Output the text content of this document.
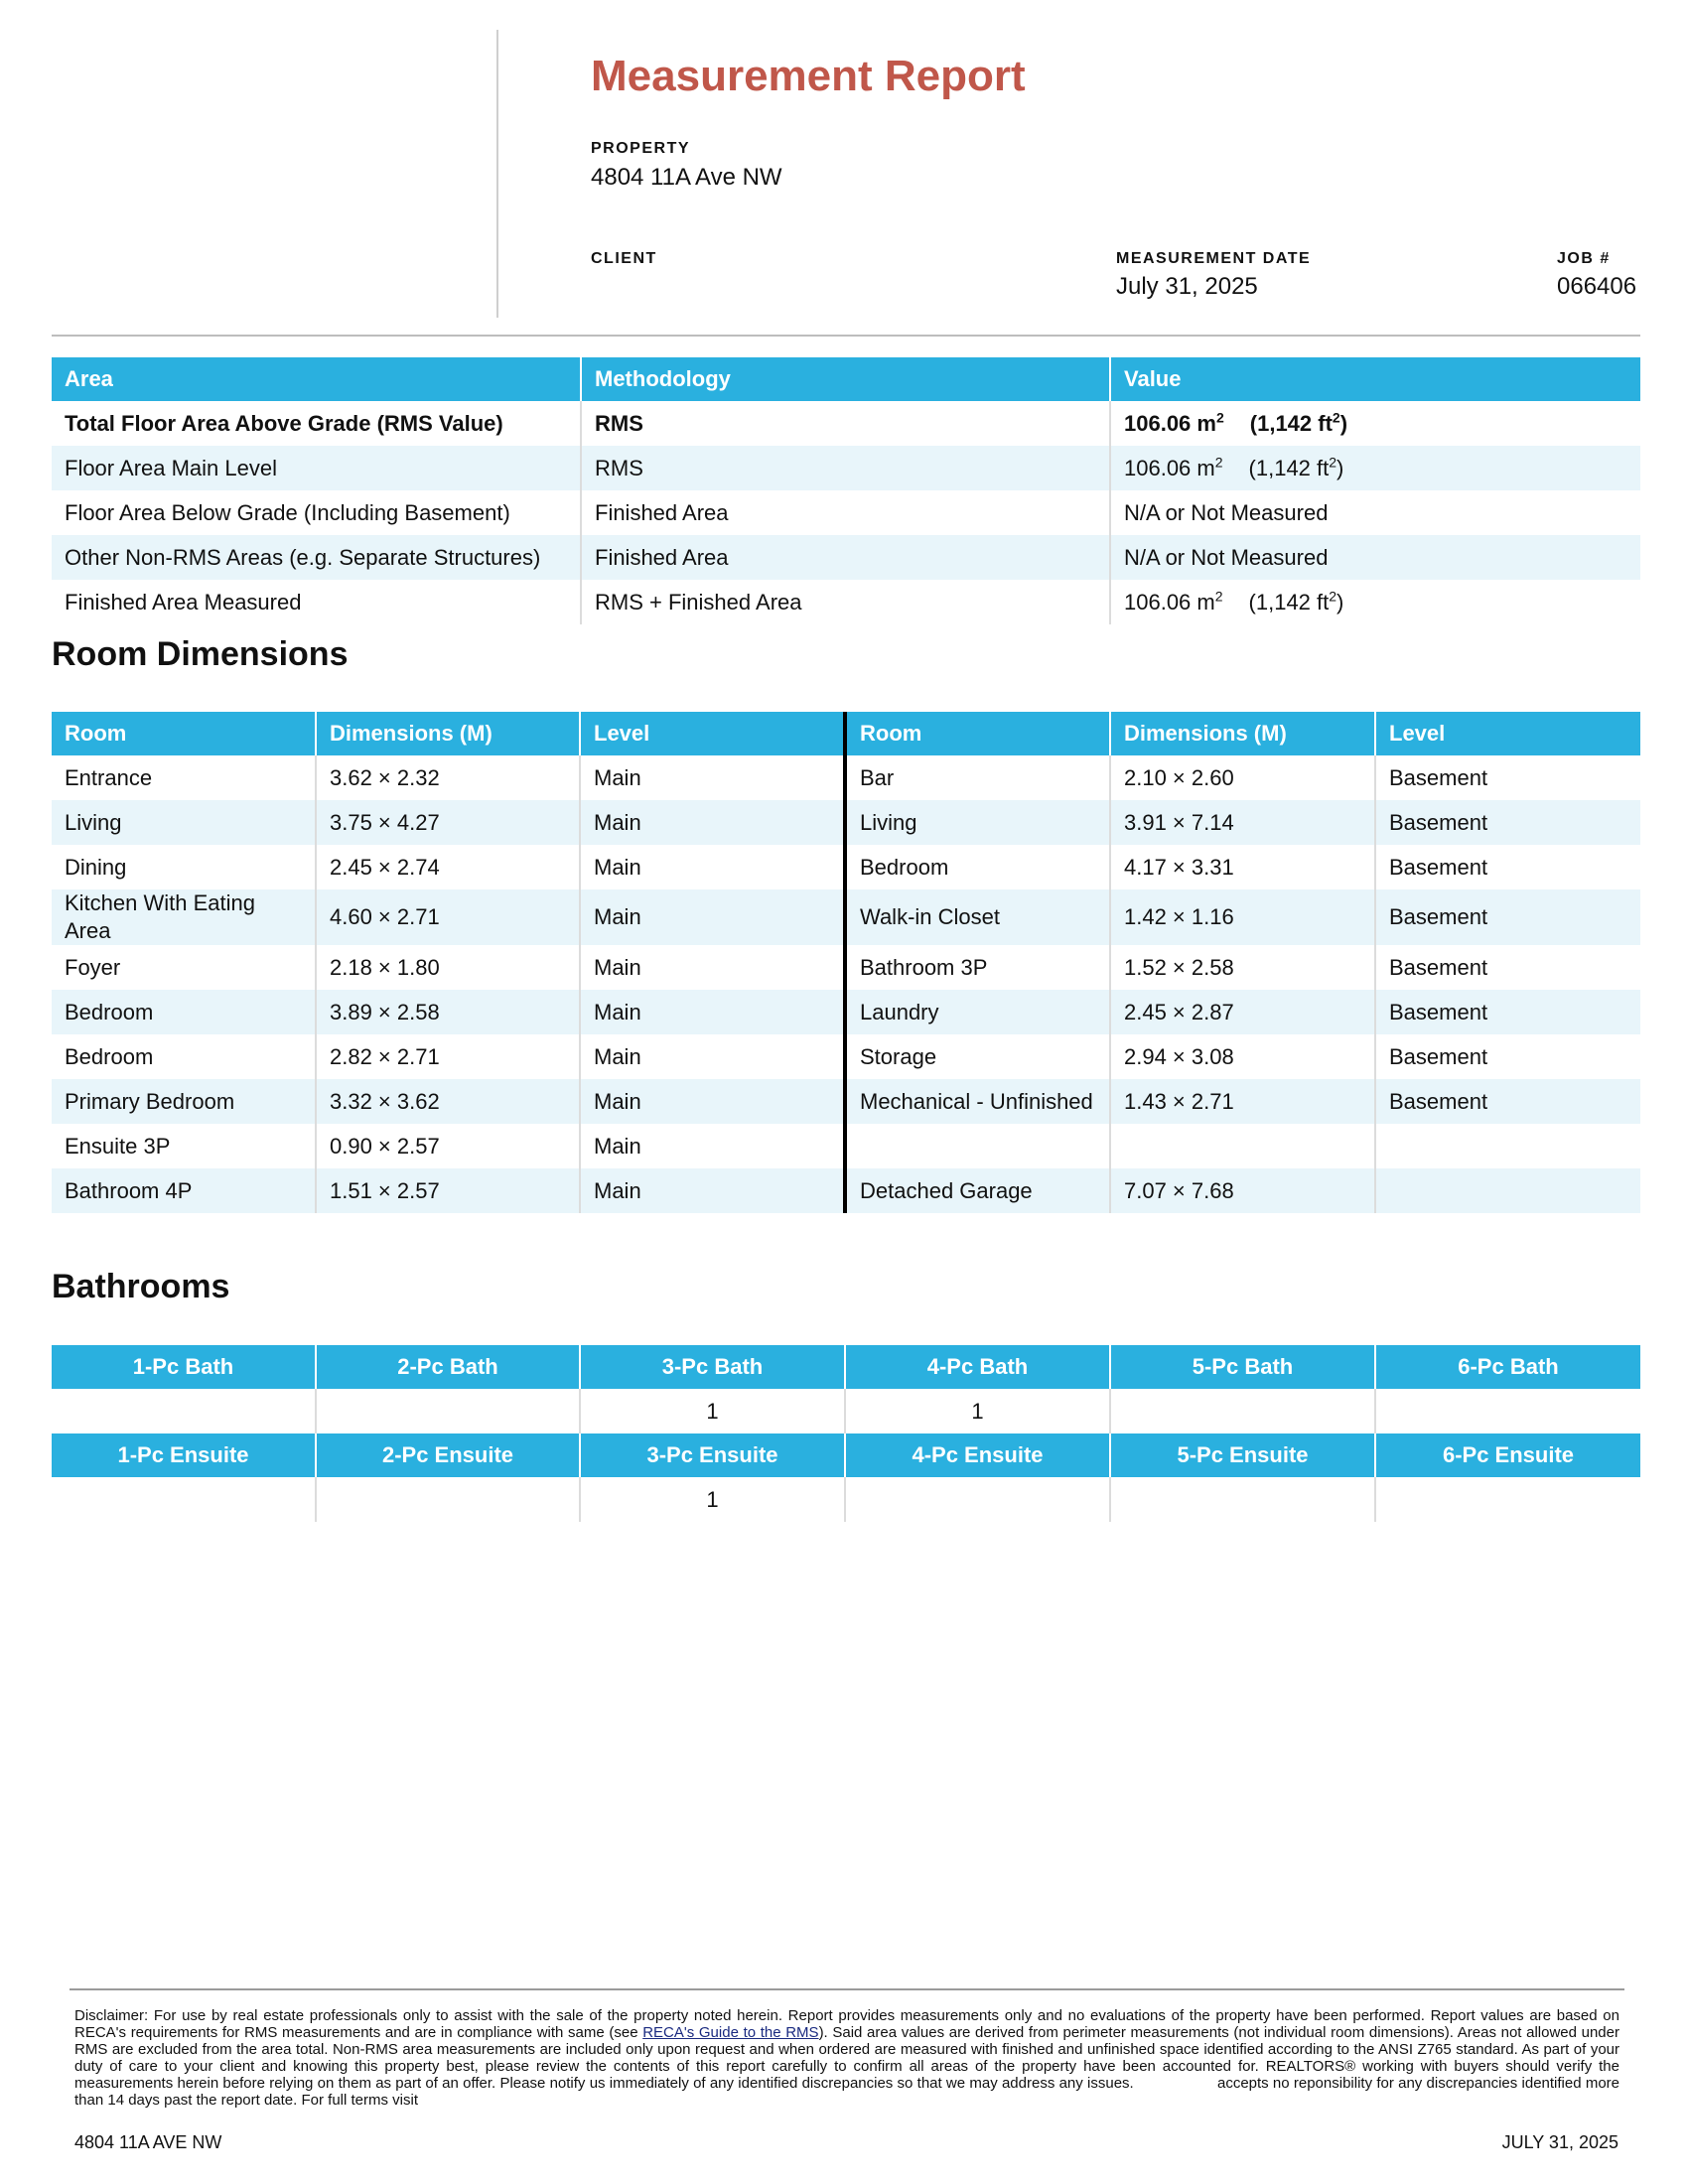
Measurement Report
PROPERTY
4804 11A Ave NW
CLIENT	MEASUREMENT DATE
July 31, 2025
JOB #
066406
Area	Methodology	Value
Total Floor Area Above Grade (RMS Value)	RMS	106.06 $m^2$ (1,142 $ft^2$)
Floor Area Main Level	RMS	106.06 $m^2$ (1,142 $ft^2$)
Floor Area Below Grade (Including Basement)	Finished Area	N/A or Not Measured
Other Non-RMS Areas (e.g. Separate Structures)	Finished Area	N/A or Not Measured
Finished Area Measured	RMS + Finished Area	106.06 $m^2$ (1,142 $ft^2$)
Room Dimensions
Room	Dimensions (M)	Level	Room	Dimensions (M)	Level
Entrance	3.62 × 2.32	Main	Bar	2.10 × 2.60	Basement
Living	3.75 × 4.27	Main	Living	3.91 × 7.14	Basement
Dining	2.45 × 2.74	Main	Bedroom	4.17 × 3.31	Basement
Kitchen With Eating Area	4.60 × 2.71	Main	Walk-in Closet	1.42 × 1.16	Basement
Foyer	2.18 × 1.80	Main	Bathroom 3P	1.52 × 2.58	Basement
Bedroom	3.89 × 2.58	Main	Laundry	2.45 × 2.87	Basement
Bedroom	2.82 × 2.71	Main	Storage	2.94 × 3.08	Basement
Primary Bedroom	3.32 × 3.62	Main	Mechanical - Unfinished	1.43 × 2.71	Basement
Ensuite 3P	0.90 × 2.57	Main			
Bathroom 4P	1.51 × 2.57	Main	Detached Garage	7.07 × 7.68	
Bathrooms
1-Pc Bath	2-Pc Bath	3-Pc Bath	4-Pc Bath	5-Pc Bath	6-Pc Bath
		1	1		
1-Pc Ensuite	2-Pc Ensuite	3-Pc Ensuite	4-Pc Ensuite	5-Pc Ensuite	6-Pc Ensuite
		1			
Disclaimer: For use by real estate professionals only to assist with the sale of the property noted herein. Report provides measurements only and no evaluations of the property have been performed. Report values are based on RECA's requirements for RMS measurements and are in compliance with same (see RECA's Guide to the RMS). Said area values are derived from perimeter measurements (not individual room dimensions). Areas not allowed under RMS are excluded from the area total. Non-RMS area measurements are included only upon request and when ordered are measured with finished and unfinished space identified according to the ANSI Z765 standard. As part of your duty of care to your client and knowing this property best, please review the contents of this report carefully to confirm all areas of the property have been accounted for. REALTORS® working with buyers should verify the measurements herein before relying on them as part of an offer. Please notify us immediately of any identified discrepancies so that we may address any issues.	accepts no reponsibility for any discrepancies identified more than 14 days past the report date. For full terms visit
4804 11A AVE NW	JULY 31, 2025
